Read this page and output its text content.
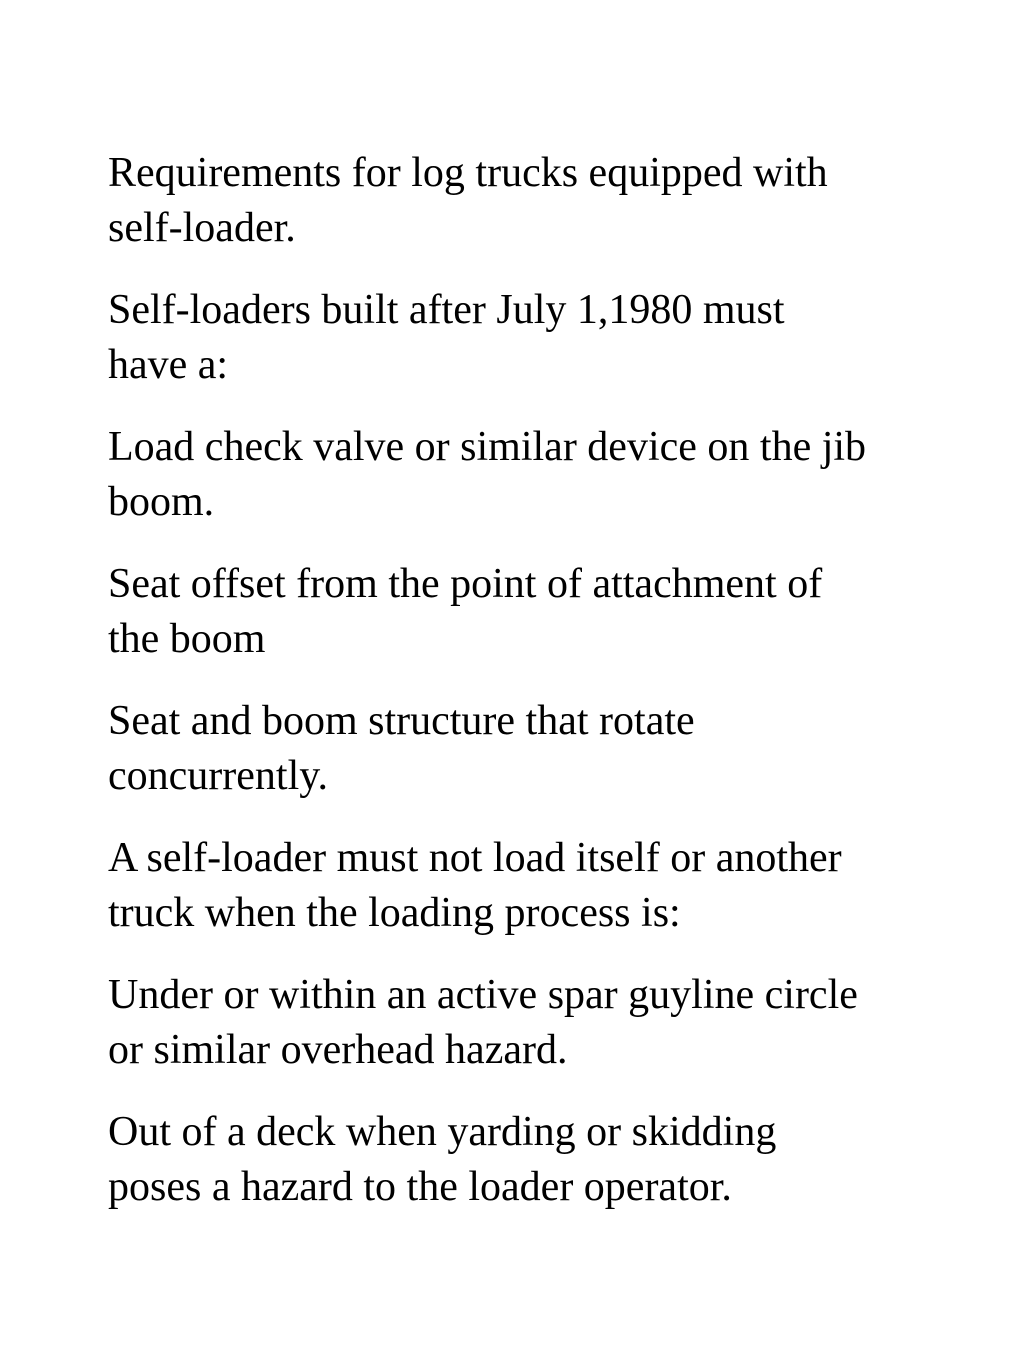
Requirements for log trucks equipped with self-loader.

Self-loaders built after July 1,1980 must have a:

Load check valve or similar device on the jib boom.

Seat offset from the point of attachment of the boom

Seat and boom structure that rotate concurrently.

A self-loader must not load itself or another truck when the loading process is:

Under or within an active spar guyline circle or similar overhead hazard.

Out of a deck when yarding or skidding poses a hazard to the loader operator.
